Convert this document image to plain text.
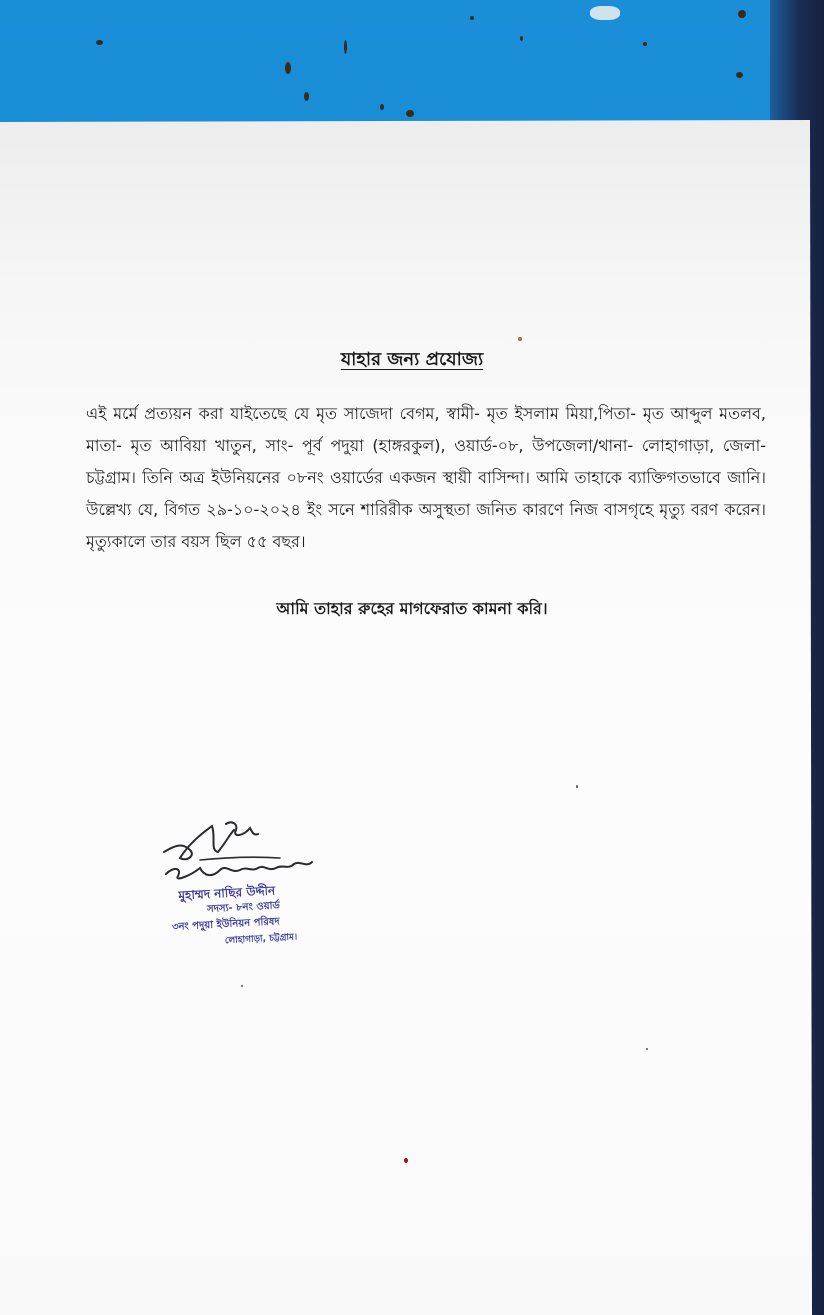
যাহার জন্য প্রযোজ্য
এই মর্মে প্রত্যয়ন করা যাইতেছে যে মৃত সাজেদা বেগম, স্বামী- মৃত ইসলাম মিয়া,পিতা- মৃত আব্দুল মতলব, মাতা- মৃত আবিয়া খাতুন, সাং- পূর্ব পদুয়া (হাঙ্গরকুল), ওয়ার্ড-০৮, উপজেলা/থানা- লোহাগাড়া, জেলা-চট্টগ্রাম। তিনি অত্র ইউনিয়নের ০৮নং ওয়ার্ডের একজন স্থায়ী বাসিন্দা। আমি তাহাকে ব্যাক্তিগতভাবে জানি। উল্লেখ্য যে, বিগত ২৯-১০-২০২৪ ইং সনে শারিরীক অসুস্থতা জনিত কারণে নিজ বাসগৃহে মৃত্যু বরণ করেন। মৃত্যুকালে তার বয়স ছিল ৫৫ বছর।
আমি তাহার রুহের মাগফেরাত কামনা করি।
মুহাম্মদ নাছির উদ্দীন
সদস্য- ৮নং ওয়ার্ড
৩নং পদুয়া ইউনিয়ন পরিষদ
লোহাগাড়া, চট্টগ্রাম।
